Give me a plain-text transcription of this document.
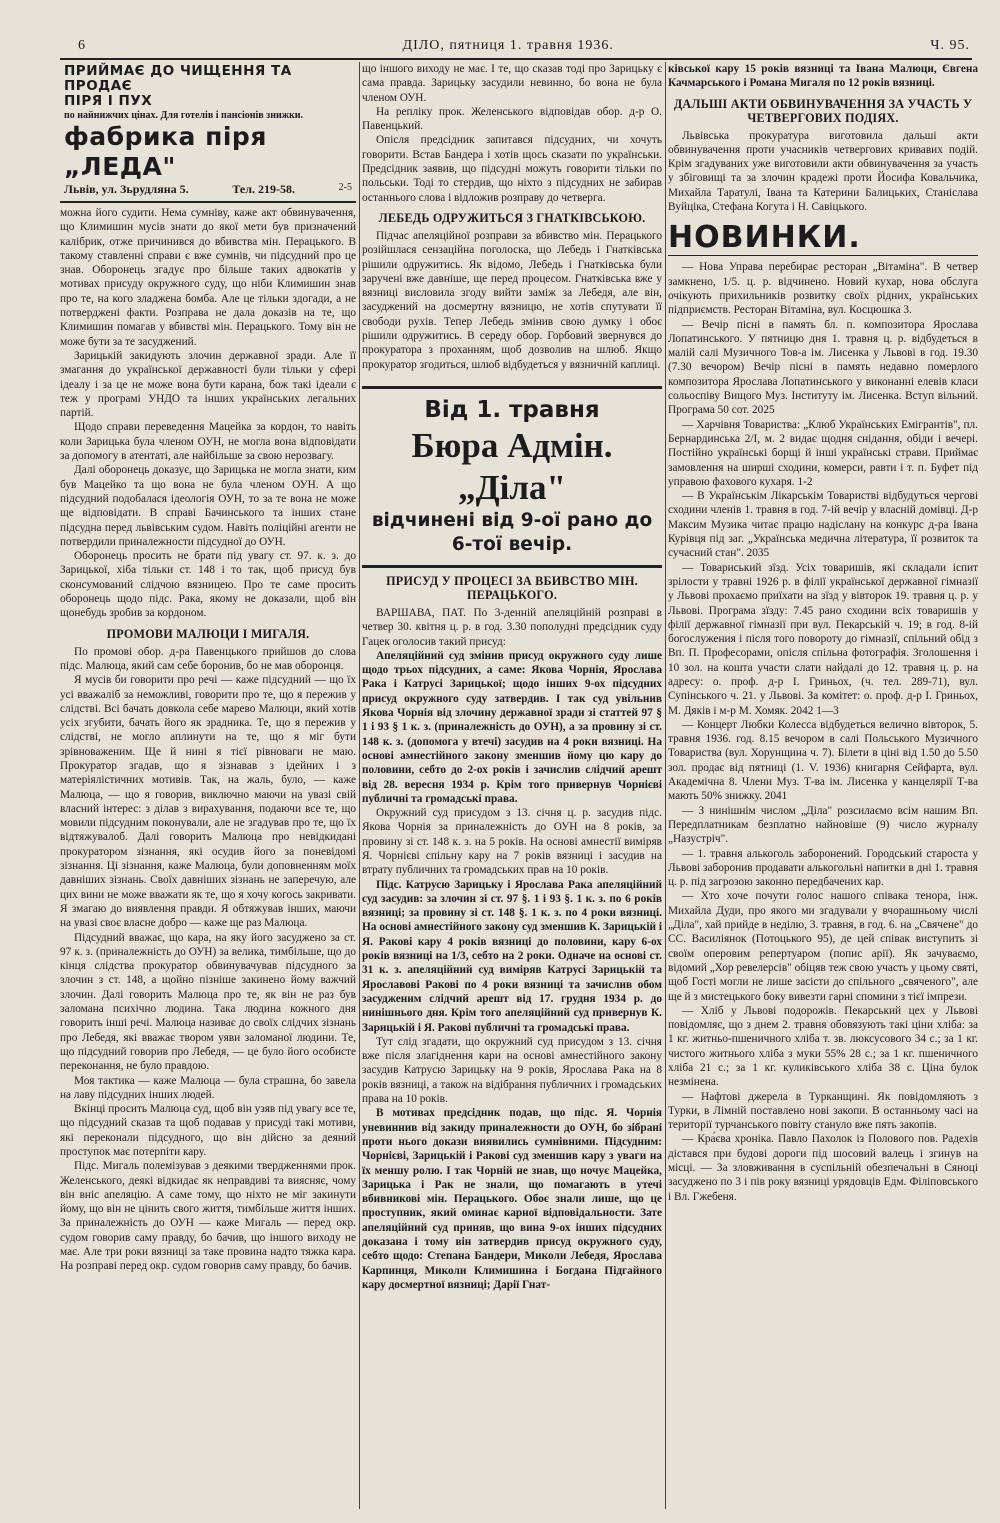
6	ДІЛО, пятниця 1. травня 1936.	Ч. 95.
ПРИЙМАЄ ДО ЧИЩЕННЯ ТА ПРОДАЄ
ПІРЯ І ПУХ
по найнижчих цінах. Для готелів і пансіонів знижки.
фабрика піря „ЛЕДА"
Львів, ул. Зьрудляна 5.	Тел. 219-58.	2-5

можна його судити. Нема сумніву, каже акт обвинувачення, що Климишин мусів знати до якої мети був призначений калібрик, отже причинився до вбивства мін. Перацького. В такому ставленні справи є вже сумнів, чи підсудний про це знав. Оборонець згадує про більше таких адвокатів у мотивах присуду окружного суду, що ніби Климишин знав про те, на кого зладжена бомба. Але це тільки здогади, а не потверджені факти. Розправа не дала доказів на те, що Климишин помагав у вбивстві мін. Перацького. Тому він не може бути за те засуджений.

Зарицькій закидують злочин державної зради. Але її змагання до української державності були тільки у сфері ідеалу і за це не може вона бути карана, бож такі ідеали є теж у програмі УНДО та інших українських легальних партій.

Щодо справи переведення Мацейка за кордон, то навіть коли Зарицька була членом ОУН, не могла вона відповідати за допомогу в атентаті, але найбільше за свою нерозвагу.

Далі оборонець доказує, що Зарицька не могла знати, ким був Мацейко та що вона не була членом ОУН. А що підсудний подобалася ідеологія ОУН, то за те вона не може ще відповідати. В справі Бачинського та інших стане підсудна перед львівським судом. Навіть поліційні агенти не потвердили приналежности підсудної до ОУН.

Оборонець просить не брати під увагу ст. 97. к. з. до Зарицької, хіба тільки ст. 148 і то так, щоб присуд був сконсумований слідчою вязницею. Про те саме просить оборонець щодо підс. Рака, якому не доказали, щоб він щонебудь зробив за кордоном.

ПРОМОВИ МАЛЮЦИ І МИГАЛЯ.

По промові обор. д-ра Павенцького прийшов до слова підс. Малюца, який сам себе боронив, бо не мав оборонця.

Я мусів би говорити про речі — каже підсудний — що їх усі вважаліб за неможливі, говорити про те, що я пережив у слідстві. Всі бачать довкола себе марево Малюци, який хотів усіх згубити, бачать його як зрадника. Те, що я пережив у слідстві, не могло аплинути на те, що я міг бути зрівноваженим. Ще й нині я тієї рівноваги не маю. Прокуратор згадав, що я зізнавав з ідейних і з матеріялістичних мотивів. Так, на жаль, було, — каже Малюца, — що я говорив, виключно маючи на увазі свій власний інтерес: з ділав з вирахування, подаючи все те, що мовили підсудним поконували, але не згадував про те, що їх відтяжувалоб. Далі говорить Малюца про невідкидані прокуратором зізнання, які осудив його за поневідомі зізнання. Ці зізнання, каже Малюца, були доповненням моїх давніших зізнань. Своїх давніших зізнань не заперечую, але цих вини не може вважати як те, що я хочу когось закривати. Я змагаю до виявлення правди. Я обтяжував інших, маючи на увазі своє власне добро — каже ще раз Малюца.

Підсудний вважає, що кара, на яку його засуджено за ст. 97 к. з. (приналежність до ОУН) за велика, тимбільше, що до кінця слідства прокуратор обвинувачував підсудного за злочин з ст. 148, а щойно пізніше закинено йому важчий злочин. Далі говорить Малюца про те, як він не раз був заломана психічно людина. Така людина кожного дня говорить інші речі. Малюца називає до своїх слідчих зізнань про Лебедя, які вважає твором уяви заломаної людини. Те, що підсудний говорив про Лебедя, — це було його особисте переконання, не було правдою.

Моя тактика — каже Малюца — була страшна, бо завела на лаву підсудних інших людей.

Вкінці просить Малюца суд, щоб він узяв під увагу все те, що підсудний сказав та щоб подавав у присуді такі мотиви, які переконали підсудного, що він дійсно за деяний проступок має потерпіти кару.

Підс. Мигаль полемізував з деякими твердженнями прок. Желенського, деякі відкидає як неправдиві та виясняє, чому він вніс апеляцію. А саме тому, що ніхто не міг закинути йому, що він не цінить свого життя, тимбільше життя інших. За приналежність до ОУН — каже Мигаль — перед окр. судом говорив саму правду, бо бачив, що іншого виходу не має. Але три роки вязниці за таке провина надто тяжка кара. На розправі перед окр. судом говорив саму правду, бо бачив.

що іншого виходу не має. І те, що сказав тоді про Зарицьку є сама правда. Зарицьку засудили невинно, бо вона не була членом ОУН.

На репліку прок. Желенського відповідав обор. д-р О. Павенцький.

Опісля предсідник запитався підсудних, чи хочуть говорити. Встав Бандера і хотів щось сказати по українськи. Предсідник заявив, що підсудні можуть говорити тільки по польськи. Тоді то стердив, що ніхто з підсудних не забирав останнього слова і відложив розправу до четверга.

ЛЕБЕДЬ ОДРУЖИТЬСЯ З ГНАТКІВСЬКОЮ.

Підчас апеляційної розправи за вбивство мін. Перацького розійшлася сензаційна поголоска, що Лебедь і Гнатківська рішили одружитись. Як відомо, Лебедь і Гнатківська були заручені вже давніше, ще перед процесом. Гнатківська вже у вязниці висловила згоду вийти заміж за Лебедя, але він, засуджений на досмертну вязницю, не хотів спутувати її свободи рухів. Тепер Лебедь змінив свою думку і обоє рішили одружитись. В середу обор. Горбовий звернувся до прокуратора з проханням, щоб дозволив на шлюб. Якщо прокуратор згодиться, шлюб відбудеться у вязничній каплиці.

Від 1. травня
Бюра Адмін. „Діла"
відчинені від 9-ої рано до
6-тої вечір.
ПРИСУД У ПРОЦЕСІ ЗА ВБИВСТВО МІН. ПЕРАЦЬКОГО.

ВАРШАВА, ПАТ. По 3-денній апеляційній розправі в четвер 30. квітня ц. р. в год. 3.30 пополудні предсідник суду Гацек оголосив такий присуд:

Апеляційний суд змінив присуд окружного суду лише щодо трьох підсудних, а саме: Якова Чорнія, Ярослава Рака і Катрусі Зарицької; щодо інших 9-ох підсудних присуд окружного суду затвердив. І так суд увільнив Якова Чорнія від злочину державної зради зі статтей 97 § 1 і 93 § 1 к. з. (приналежність до ОУН), а за провину зі ст. 148 к. з. (допомога у втечі) засудив на 4 роки вязниці. На основі амнестійного закону зменшив йому цю кару до половини, себто до 2-ох років і зачислив слідчий арешт від 28. вересня 1934 р. Крім того привернув Чорнієві публичні та громадські права.

Окружний суд присудом з 13. січня ц. р. засудив підс. Якова Чорнія за приналежність до ОУН на 8 років, за провину зі ст. 148 к. з. на 5 років. На основі амнестії виміряв Я. Чорнієві спільну кару на 7 років вязниці і засудив на втрату публичних та громадських прав на 10 років.

Підс. Катрусю Зарицьку і Ярослава Рака апеляційний суд засудив: за злочин зі ст. 97 §. 1 і 93 §. 1 к. з. по 6 років вязниці; за провину зі ст. 148 §. 1 к. з. по 4 роки вязниці. На основі амнестійного закону суд зменшив К. Зарицькій і Я. Ракові кару 4 років вязниці до половини, кару 6-ох років вязниці на 1/3, себто на 2 роки. Одначе на основі ст. 31 к. з. апеляційний суд виміряв Катрусі Зарицькій та Ярославові Ракові по 4 роки вязниці та зачислив обом засудженим слідчий арешт від 17. грудня 1934 р. до нинішнього дня. Крім того апеляційний суд привернув К. Зарицькій і Я. Ракові публичні та громадські права.

Тут слід згадати, що окружний суд присудом з 13. січня вже після злагіднення кари на основі амнестійного закону засудив Катрусю Зарицьку на 9 років, Ярослава Рака на 8 років вязниці, а також на відібрання публичних і громадських права на 10 років.

В мотивах предсідник подав, що підс. Я. Чорнія уневиннив від закиду приналежности до ОУН, бо зібрані проти нього докази виявились сумнівними. Підсудним: Чорнієві, Зарицькій і Ракові суд зменшив кару з уваги на їх меншу ролю. І так Чорній не знав, що ночує Мацейка, Зарицька і Рак не знали, що помагають в утечі вбивникові мін. Перацького. Обоє знали лише, що це проступник, який оминає карної відповідальности. Зате апеляційний суд приняв, що вина 9-ох інших підсудних доказана і тому він затвердив присуд окружного суду, себто щодо: Степана Бандери, Миколи Лебедя, Ярослава Карпинця, Миколи Климишина і Богдана Підгайного кару досмертної вязниці; Дарії Гнат-

ківської кару 15 років вязниці та Івана Малюци, Євгена Качмарського і Романа Мигаля по 12 років вязниці.

ДАЛЬШІ АКТИ ОБВИНУВАЧЕННЯ ЗА УЧАСТЬ У ЧЕТВЕРГОВИХ ПОДІЯХ.

Львівська прокуратура виготовила дальші акти обвинувачення проти учасників четвергових кривавих подій. Крім згадуваних уже виготовили акти обвинувачення за участь у збіговищі та за злочин крадежі проти Йосифа Ковальчика, Михайла Таратулі, Івана та Катерини Балицьких, Станіслава Вуйціка, Стефана Когута і Н. Савіцького.

НОВИНКИ.

— Нова Управа перебирає ресторан „Вітаміна". В четвер замкнено, 1/5. ц. р. відчинено. Новий кухар, нова обслуга очікують прихильників розвитку своїх рідних, українських підприємств. Ресторан Вітаміна, вул. Косцюшка 3.

— Вечір пісні в память бл. п. композитора Ярослава Лопатинського. У пятницю дня 1. травня ц. р. відбудеться в малій салі Музичного Тов-а ім. Лисенка у Львові в год. 19.30 (7.30 вечором) Вечір пісні в память недавно померлого композитора Ярослава Лопатинського у виконанні елевів класи сольоспіву Вищого Муз. Інституту ім. Лисенка. Вступ вільний. Програма 50 сот. 2025

— Харчівня Товариства: „Клюб Українських Емігрантів", пл. Бернардинська 2/I, м. 2 видає щодня снідання, обіди і вечері. Постійно українські борщі й інші українські страви. Приймає замовлення на ширші сходини, комерси, равти і т. п. Буфет під управою фахового кухаря. 1-2

— В Українськім Лікарськім Товаристві відбудуться чергові сходини членів 1. травня в год. 7-ій вечір у власній домівці. Д-р Максим Музика читає працю надіслану на конкурс д-ра Івана Курівця під заг. „Українська медична література, її розвиток та сучасний стан". 2035

— Товариський зїзд. Усіх товаришів, які складали іспит зрілости у травні 1926 р. в філії української державної гімназії у Львові прохаємо приїхати на зїзд у вівторок 19. травня ц. р. у Львові. Програма зїзду: 7.45 рано сходини всіх товаришів у філії державної гімназії при вул. Пекарській ч. 19; в год. 8-ій богослужения і після того повороту до гімназії, спільний обід з Вп. П. Професорами, опісля спільна фотографія. Зголошення і 10 зол. на кошта участи слати найдалі до 12. травня ц. р. на адресу: о. проф. д-р І. Гриньох, (ч. тел. 289-71), вул. Супінського ч. 21. у Львові. За комітет: о. проф. д-р І. Гриньох, М. Дяків і м-р М. Хомяк. 2042 1—3

— Концерт Любки Колесса відбудеться величнo вівторок, 5. травня 1936. год. 8.15 вечором в салі Польського Музичного Товариства (вул. Хорунщина ч. 7). Білети в ціні від 1.50 до 5.50 зол. продає від пятниці (1. V. 1936) книгарня Сейфарта, вул. Академічна 8. Члени Муз. Т-ва ім. Лисенка у канцелярії Т-ва мають 50% знижку. 2041

— З нинішнім числом „Діла" розсилаємо всім нашим Вп. Передплатникам безплатно найновіше (9) число журналу „Назустріч".

— 1. травня алькоголь заборонений. Городський староста у Львові заборонив продавати алькогольні напитки в дні 1. травня ц. р. під загрозою законно передбачених кар.

— Хто хоче почути голос нашого співака тенора, інж. Михайла Дуди, про якого ми згадували у вчорашньому числі „Діла", хай прийде в неділю, 3. травня, в год. 6. на „Свячене" до СС. Василіянок (Потоцького 95), де цей співак виступить зі своїм оперовим репертуаром (попис арії). Як зачуваємо, відомий „Хор ревелерсів" обіцяв теж свою участь у цьому святі, щоб Гості могли не лише засісти до спільного „свяченого", але ще й з мистецького боку вивезти гарні спомини з тієї імпрези.

— Хліб у Львові подорожів. Пекарський цех у Львові повідомляє, що з днем 2. травня обовязують такі ціни хліба: за 1 кг. житньо-пшеничного хліба т. зв. люксусового 34 с.; за 1 кг. чистого житнього хліба з муки 55% 28 с.; за 1 кг. пшеничного хліба 21 с.; за 1 кг. куликівського хліба 38 с. Ціна булок незмінена.

— Нафтові джерела в Турканщині. Як повідомляють з Турки, в Лімній поставлено нові закопи. В останньому часі на території турчанського повіту стануло вже пять закопів.

— Кра́єва хроніка. Павло Пахолок із Полового пов. Радехів дістався при будові дороги під шосовий валець і згинув на місці. — За зловживання в суспільній обезпечальні в Сяноці засуджено по 3 і пів року вязниці урядовців Едм. Філіповського і Вл. Гжебеня.
